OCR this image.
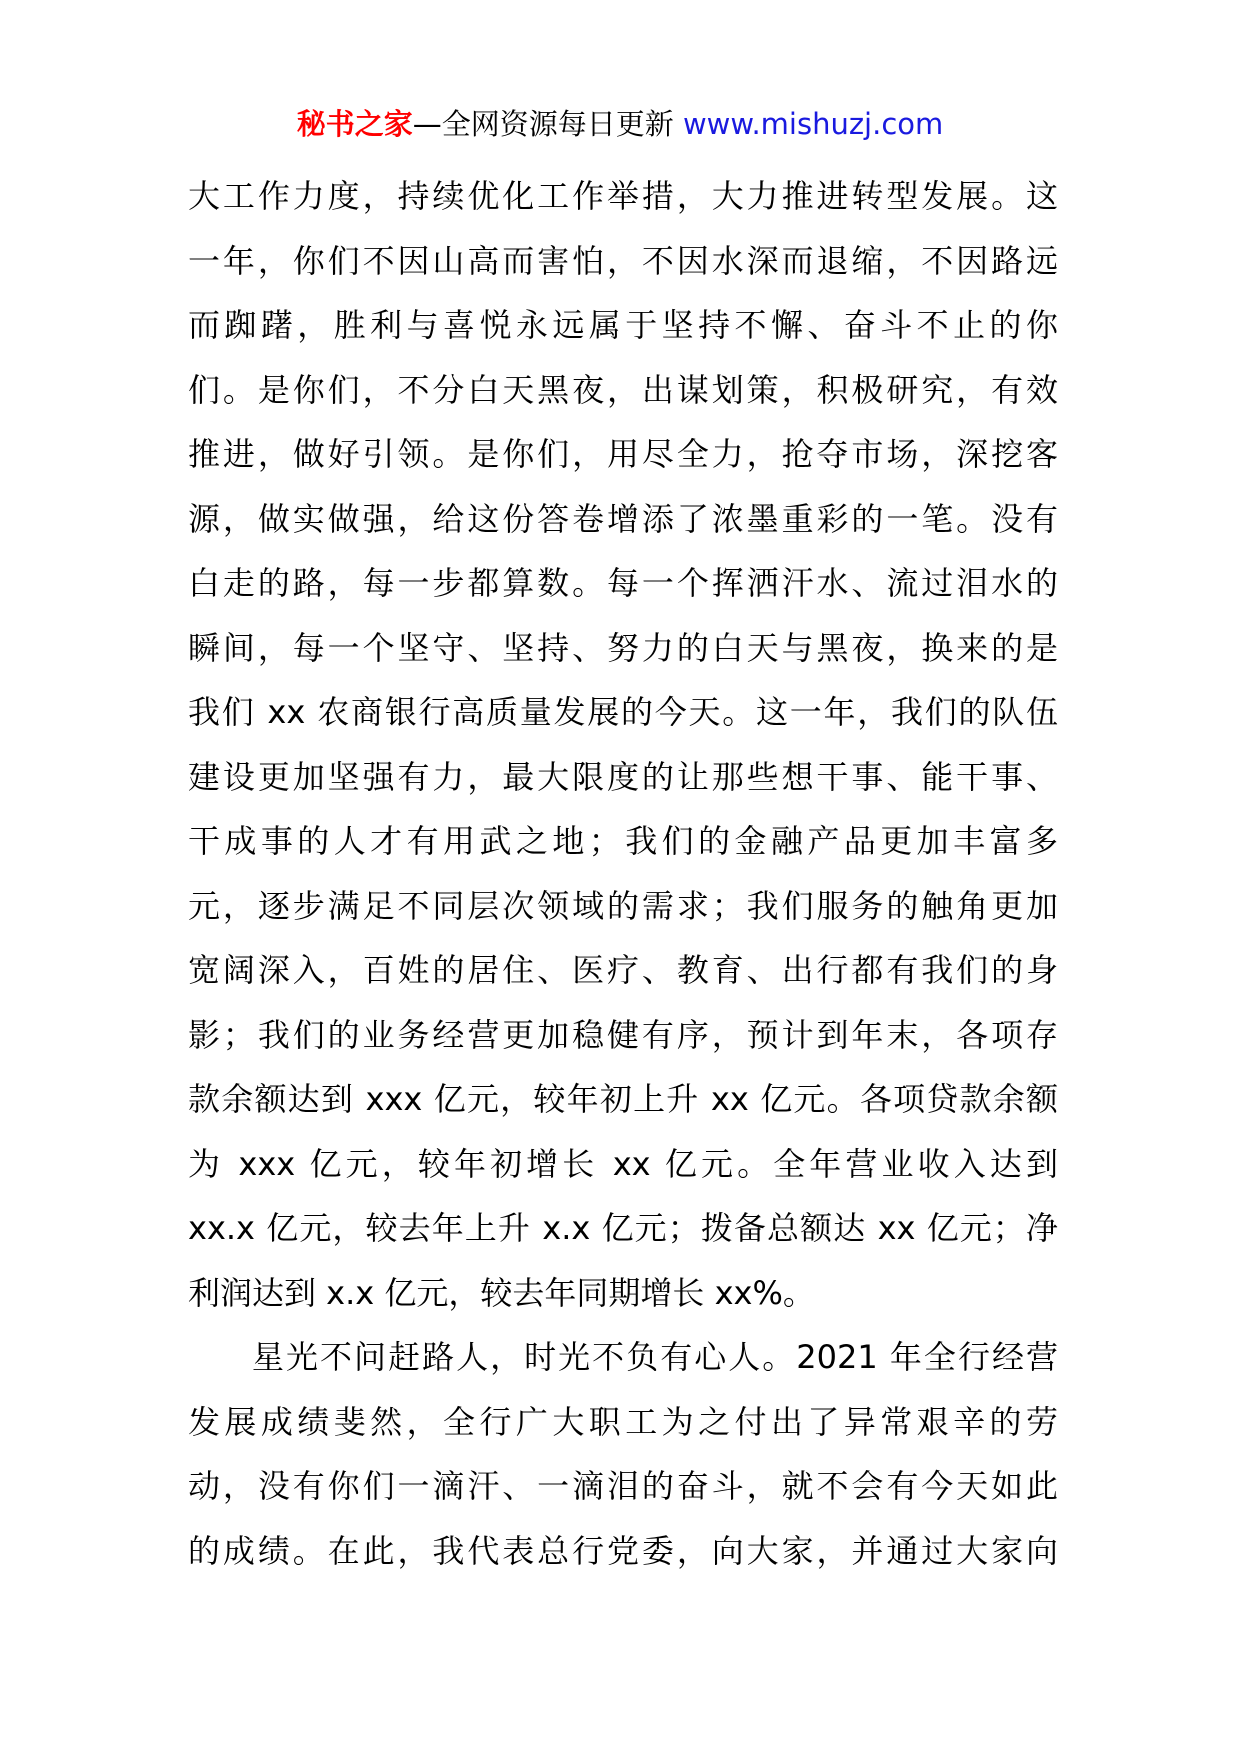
秘书之家—全网资源每日更新 www.mishuzj.com
大工作力度，持续优化工作举措，大力推进转型发展。这
一年，你们不因山高而害怕，不因水深而退缩，不因路远
而踟躇，胜利与喜悦永远属于坚持不懈、奋斗不止的你
们。是你们，不分白天黑夜，出谋划策，积极研究，有效
推进，做好引领。是你们，用尽全力，抢夺市场，深挖客
源，做实做强，给这份答卷增添了浓墨重彩的一笔。没有
白走的路，每一步都算数。每一个挥洒汗水、流过泪水的
瞬间，每一个坚守、坚持、努力的白天与黑夜，换来的是
我们 xx 农商银行高质量发展的今天。这一年，我们的队伍
建设更加坚强有力，最大限度的让那些想干事、能干事、
干成事的人才有用武之地；我们的金融产品更加丰富多
元，逐步满足不同层次领域的需求；我们服务的触角更加
宽阔深入，百姓的居住、医疗、教育、出行都有我们的身
影；我们的业务经营更加稳健有序，预计到年末，各项存
款余额达到 xxx 亿元，较年初上升 xx 亿元。各项贷款余额
为 xxx 亿元，较年初增长 xx 亿元。全年营业收入达到
xx.x 亿元，较去年上升 x.x 亿元；拨备总额达 xx 亿元；净
利润达到 x.x 亿元，较去年同期增长 xx%。
星光不问赶路人，时光不负有心人。2021 年全行经营
发展成绩斐然，全行广大职工为之付出了异常艰辛的劳
动，没有你们一滴汗、一滴泪的奋斗，就不会有今天如此
的成绩。在此，我代表总行党委，向大家，并通过大家向
